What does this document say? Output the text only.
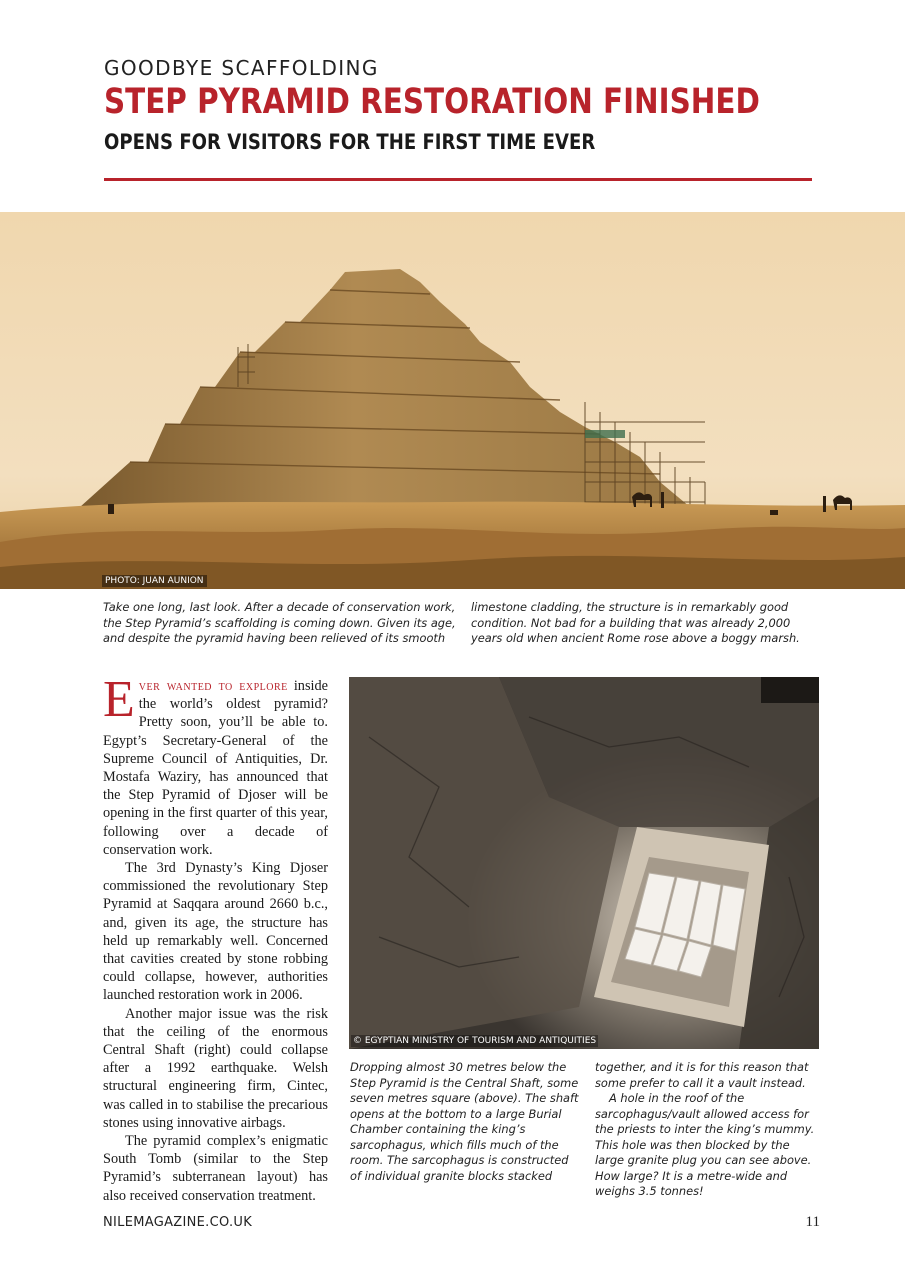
GOODBYE SCAFFOLDING
STEP PYRAMID RESTORATION FINISHED
OPENS FOR VISITORS FOR THE FIRST TIME EVER
PHOTO: JUAN AUNION

Take one long, last look. After a decade of conservation work, the Step Pyramid’s scaffolding is coming down. Given its age, and despite the pyramid having been relieved of its smooth

limestone cladding, the structure is in remarkably good condition. Not bad for a building that was already 2,000 years old when ancient Rome rose above a boggy marsh.

Ever wanted to explore inside the world’s oldest pyramid? Pretty soon, you’ll be able to. Egypt’s Secretary-General of the Supreme Council of Antiquities, Dr. Mostafa Waziry, has announced that the Step Pyramid of Djoser will be opening in the first quarter of this year, following over a decade of conservation work.

The 3rd Dynasty’s King Djoser commissioned the revolutionary Step Pyramid at Saqqara around 2660 b.c., and, given its age, the structure has held up remarkably well. Concerned that cavities created by stone robbing could collapse, however, authorities launched restoration work in 2006.

Another major issue was the risk that the ceiling of the enormous Central Shaft (right) could collapse after a 1992 earthquake. Welsh structural engineering firm, Cintec, was called in to stabilise the precarious stones using innovative airbags.

The pyramid complex’s enigmatic South Tomb (similar to the Step Pyramid’s subterranean layout) has also received conservation treatment.

© EGYPTIAN MINISTRY OF TOURISM AND ANTIQUITIES

Dropping almost 30 metres below the Step Pyramid is the Central Shaft, some seven metres square (above). The shaft opens at the bottom to a large Burial Chamber containing the king’s sarcophagus, which fills much of the room. The sarcophagus is constructed of individual granite blocks stacked

together, and it is for this reason that some prefer to call it a vault instead.

A hole in the roof of the sarcophagus/vault allowed access for the priests to inter the king’s mummy. This hole was then blocked by the large granite plug you can see above. How large? It is a metre-wide and weighs 3.5 tonnes!

NILEMAGAZINE.CO.UK	11
